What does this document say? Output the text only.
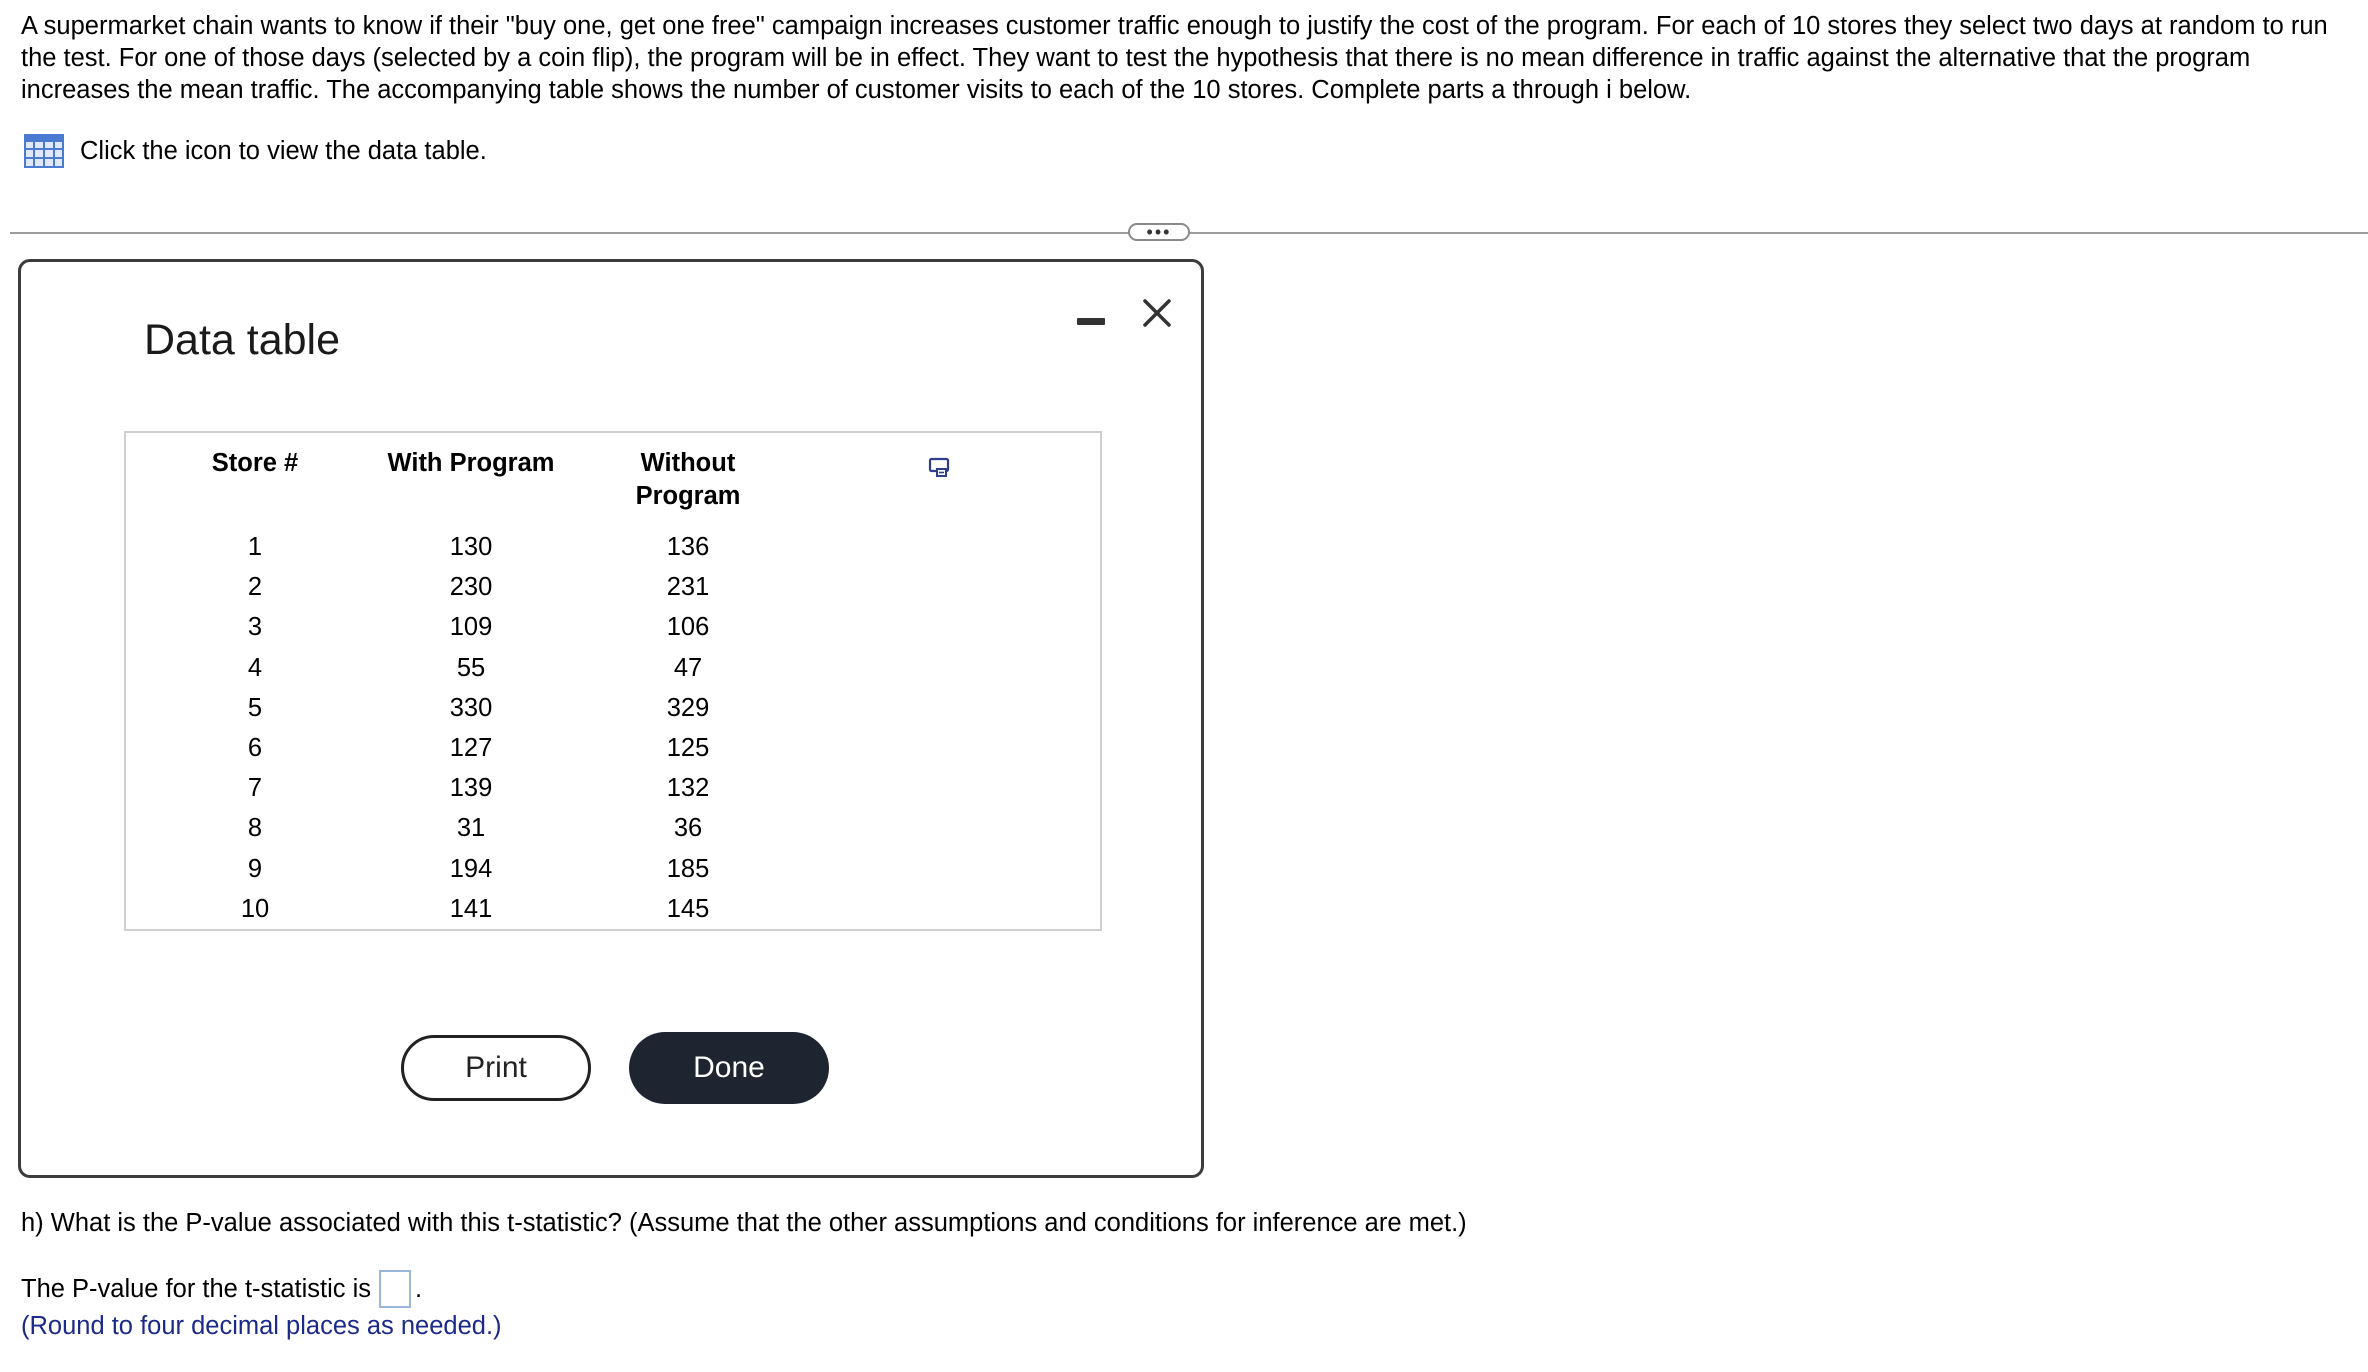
A supermarket chain wants to know if their "buy one, get one free" campaign increases customer traffic enough to justify the cost of the program. For each of 10 stores they select two days at random to run the test. For one of those days (selected by a coin flip), the program will be in effect. They want to test the hypothesis that there is no mean difference in traffic against the alternative that the program increases the mean traffic. The accompanying table shows the number of customer visits to each of the 10 stores. Complete parts a through i below.
Click the icon to view the data table.
•••
Data table

Store #	With Program	Without
Program

1	130	136
2	230	231
3	109	106
4	55	47
5	330	329
6	127	125
7	139	132
8	31	36
9	194	185
10	141	145
Print	Done
h) What is the P-value associated with this t-statistic? (Assume that the other assumptions and conditions for inference are met.)
The P-value for the t-statistic is .
(Round to four decimal places as needed.)
